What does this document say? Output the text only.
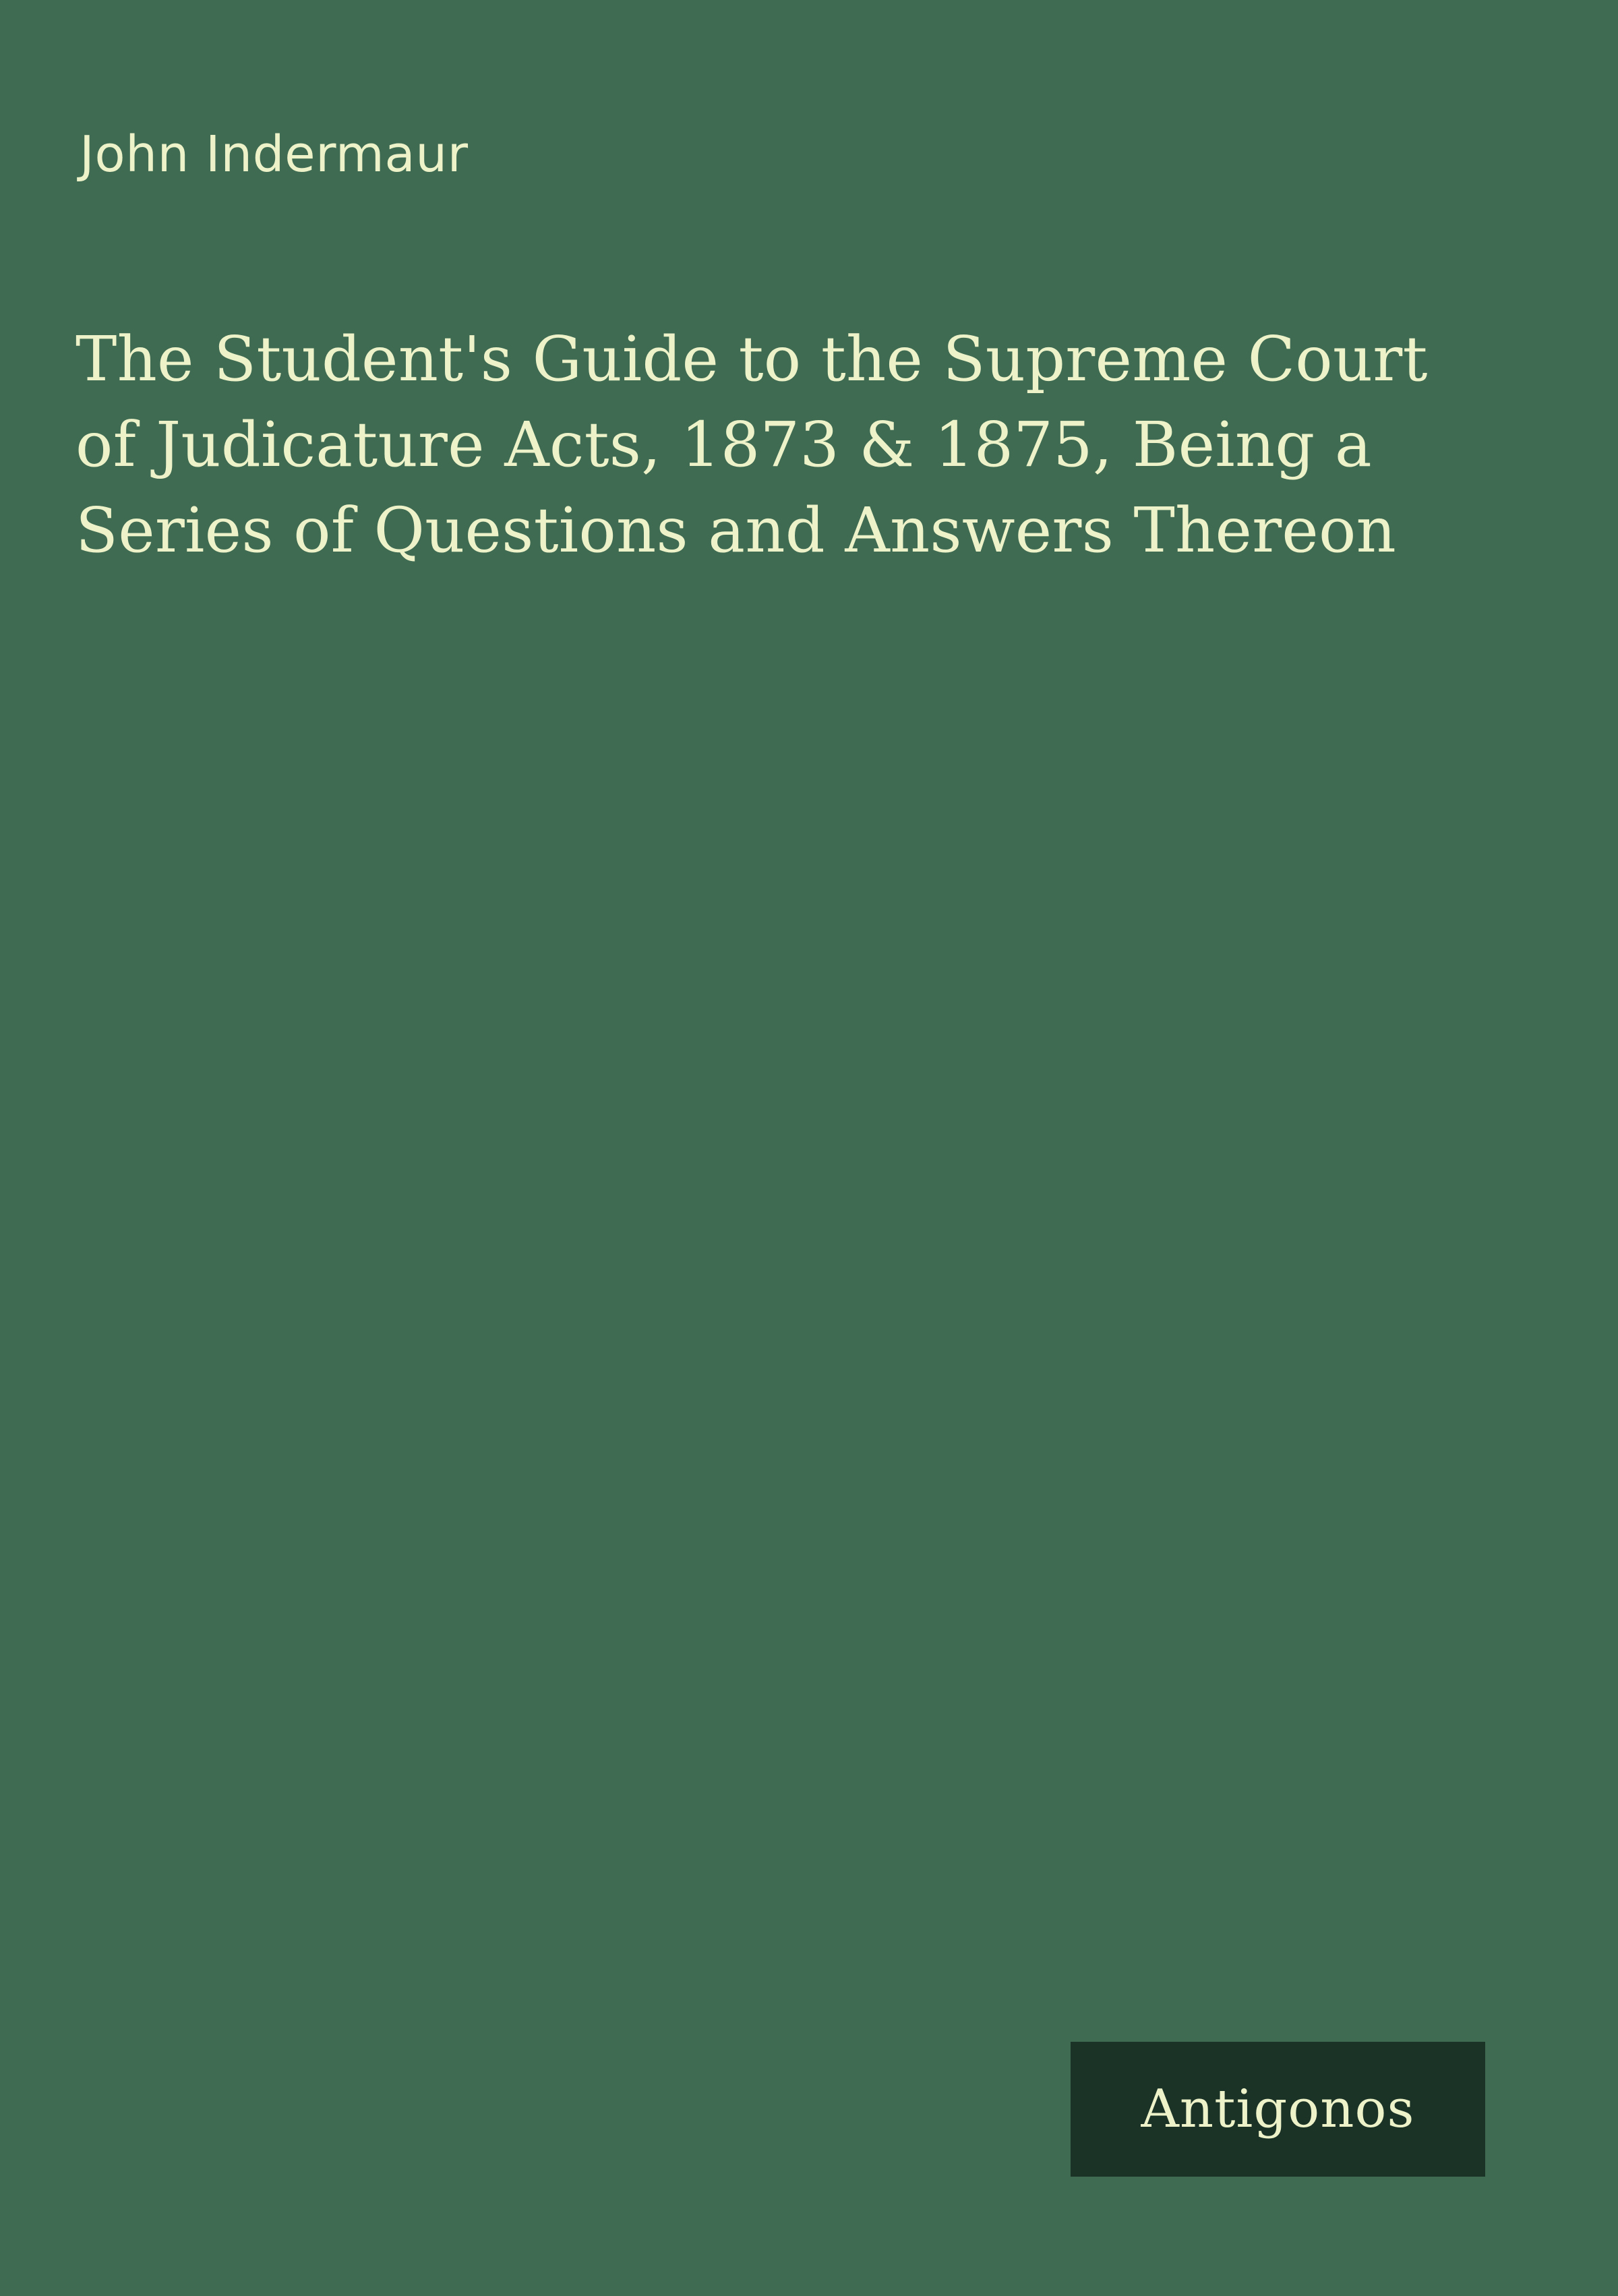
John Indermaur
The Student's Guide to the Supreme Court of Judicature Acts, 1873 & 1875, Being a Series of Questions and Answers Thereon
Antigonos
